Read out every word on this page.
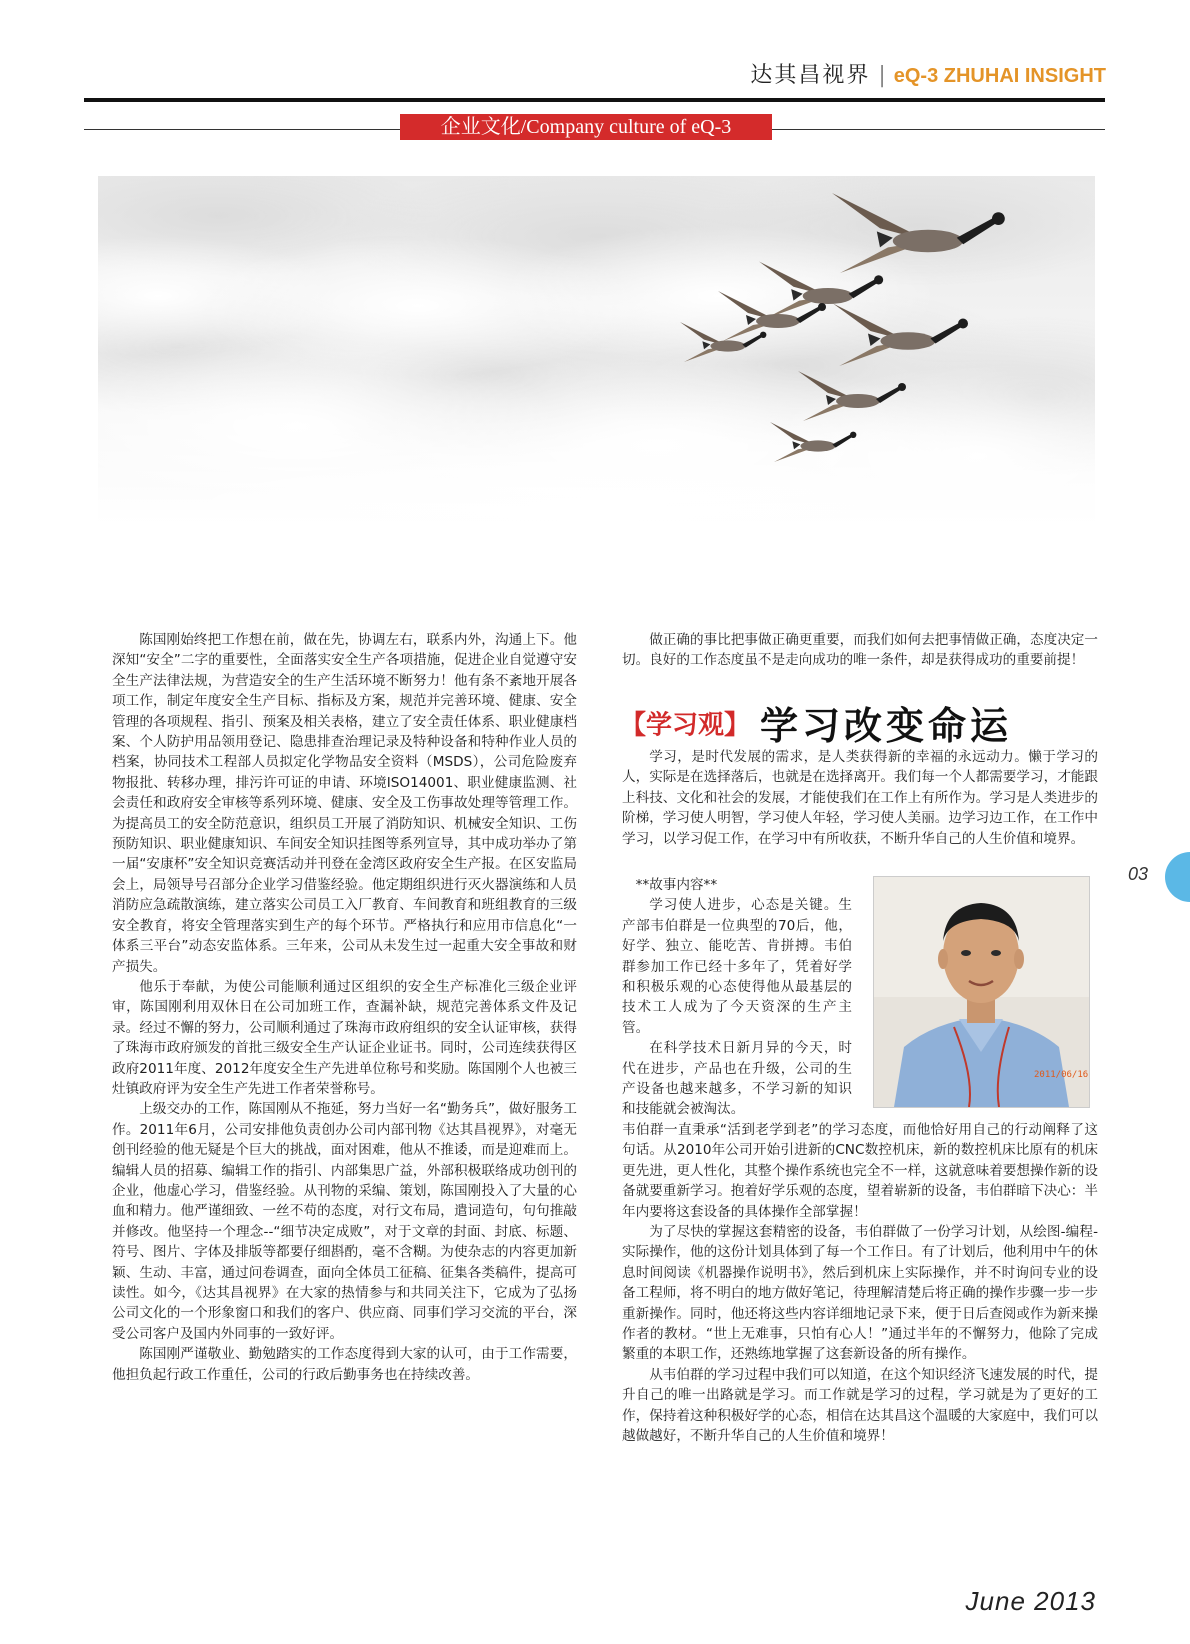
达其昌视界 | eQ-3 ZHUHAI INSIGHT
企业文化/Company culture of eQ-3

陈国刚始终把工作想在前，做在先，协调左右，联系内外，沟通上下。他深知“安全”二字的重要性，全面落实安全生产各项措施，促进企业自觉遵守安全生产法律法规，为营造安全的生产生活环境不断努力！他有条不紊地开展各项工作，制定年度安全生产目标、指标及方案，规范并完善环境、健康、安全管理的各项规程、指引、预案及相关表格，建立了安全责任体系、职业健康档案、个人防护用品领用登记、隐患排查治理记录及特种设备和特种作业人员的档案，协同技术工程部人员拟定化学物品安全资料（MSDS），公司危险废弃物报批、转移办理，排污许可证的申请、环境ISO14001、职业健康监测、社会责任和政府安全审核等系列环境、健康、安全及工伤事故处理等管理工作。为提高员工的安全防范意识，组织员工开展了消防知识、机械安全知识、工伤预防知识、职业健康知识、车间安全知识挂图等系列宣导，其中成功举办了第一届“安康杯”安全知识竞赛活动并刊登在金湾区政府安全生产报。在区安监局会上，局领导号召部分企业学习借鉴经验。他定期组织进行灭火器演练和人员消防应急疏散演练，建立落实公司员工入厂教育、车间教育和班组教育的三级安全教育，将安全管理落实到生产的每个环节。严格执行和应用市信息化“一体系三平台”动态安监体系。三年来，公司从未发生过一起重大安全事故和财产损失。

他乐于奉献，为使公司能顺利通过区组织的安全生产标准化三级企业评审，陈国刚利用双休日在公司加班工作，查漏补缺，规范完善体系文件及记录。经过不懈的努力，公司顺利通过了珠海市政府组织的安全认证审核，获得了珠海市政府颁发的首批三级安全生产认证企业证书。同时，公司连续获得区政府2011年度、2012年度安全生产先进单位称号和奖励。陈国刚个人也被三灶镇政府评为安全生产先进工作者荣誉称号。

上级交办的工作，陈国刚从不拖延，努力当好一名“勤务兵”，做好服务工作。2011年6月，公司安排他负责创办公司内部刊物《达其昌视界》，对毫无创刊经验的他无疑是个巨大的挑战，面对困难，他从不推诿，而是迎难而上。编辑人员的招募、编辑工作的指引、内部集思广益，外部积极联络成功创刊的企业，他虚心学习，借鉴经验。从刊物的采编、策划，陈国刚投入了大量的心血和精力。他严谨细致、一丝不苟的态度，对行文布局，遣词造句，句句推敲并修改。他坚持一个理念--“细节决定成败”，对于文章的封面、封底、标题、符号、图片、字体及排版等都要仔细斟酌，毫不含糊。为使杂志的内容更加新颖、生动、丰富，通过问卷调查，面向全体员工征稿、征集各类稿件，提高可读性。如今，《达其昌视界》在大家的热情参与和共同关注下，它成为了弘扬公司文化的一个形象窗口和我们的客户、供应商、同事们学习交流的平台，深受公司客户及国内外同事的一致好评。

陈国刚严谨敬业、勤勉踏实的工作态度得到大家的认可，由于工作需要，他担负起行政工作重任，公司的行政后勤事务也在持续改善。

做正确的事比把事做正确更重要，而我们如何去把事情做正确，态度决定一切。良好的工作态度虽不是走向成功的唯一条件，却是获得成功的重要前提！

【学习观】 学习改变命运

学习，是时代发展的需求，是人类获得新的幸福的永远动力。懒于学习的人，实际是在选择落后，也就是在选择离开。我们每一个人都需要学习，才能跟上科技、文化和社会的发展，才能使我们在工作上有所作为。学习是人类进步的阶梯，学习使人明智，学习使人年轻，学习使人美丽。边学习边工作，在工作中学习，以学习促工作，在学习中有所收获，不断升华自己的人生价值和境界。

**故事内容**

学习使人进步，心态是关键。生产部韦伯群是一位典型的70后，他，好学、独立、能吃苦、肯拼搏。韦伯群参加工作已经十多年了，凭着好学和积极乐观的心态使得他从最基层的技术工人成为了今天资深的生产主管。

在科学技术日新月异的今天，时代在进步，产品也在升级，公司的生产设备也越来越多，不学习新的知识和技能就会被淘汰。

2011/06/16

韦伯群一直秉承“活到老学到老”的学习态度，而他恰好用自己的行动阐释了这句话。从2010年公司开始引进新的CNC数控机床，新的数控机床比原有的机床更先进，更人性化，其整个操作系统也完全不一样，这就意味着要想操作新的设备就要重新学习。抱着好学乐观的态度，望着崭新的设备，韦伯群暗下决心：半年内要将这套设备的具体操作全部掌握！

为了尽快的掌握这套精密的设备，韦伯群做了一份学习计划，从绘图-编程-实际操作，他的这份计划具体到了每一个工作日。有了计划后，他利用中午的休息时间阅读《机器操作说明书》，然后到机床上实际操作，并不时询问专业的设备工程师，将不明白的地方做好笔记，待理解清楚后将正确的操作步骤一步一步重新操作。同时，他还将这些内容详细地记录下来，便于日后查阅或作为新来操作者的教材。“世上无难事，只怕有心人！”通过半年的不懈努力，他除了完成繁重的本职工作，还熟练地掌握了这套新设备的所有操作。

从韦伯群的学习过程中我们可以知道，在这个知识经济飞速发展的时代，提升自己的唯一出路就是学习。而工作就是学习的过程，学习就是为了更好的工作，保持着这种积极好学的心态，相信在达其昌这个温暖的大家庭中，我们可以越做越好，不断升华自己的人生价值和境界！

03
June 2013
